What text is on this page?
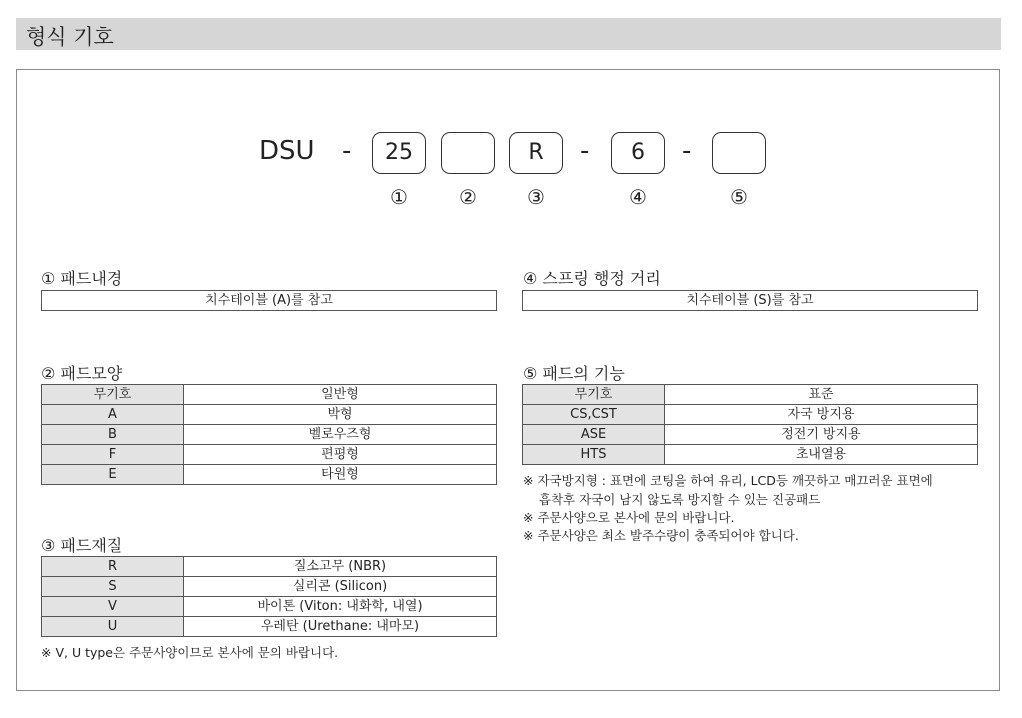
형식 기호
DSU -	25	R	-	6	-
①	②	③	④	⑤
① 패드내경
치수테이블 (A)를 참고
④ 스프링 행정 거리
치수테이블 (S)를 참고
② 패드모양
무기호	일반형
A	박형
B	벨로우즈형
F	편평형
E	타원형
③ 패드재질
R	질소고무 (NBR)
S	실리콘 (Silicon)
V	바이톤 (Viton: 내화학, 내열)
U	우레탄 (Urethane: 내마모)
※ V, U type은 주문사양이므로 본사에 문의 바랍니다.
⑤ 패드의 기능
무기호	표준
CS,CST	자국 방지용
ASE	정전기 방지용
HTS	초내열용
※ 자국방지형 : 표면에 코팅을 하여 유리, LCD등 깨끗하고 매끄러운 표면에
흡착후 자국이 남지 않도록 방지할 수 있는 진공패드
※ 주문사양으로 본사에 문의 바랍니다.
※ 주문사양은 최소 발주수량이 충족되어야 합니다.
